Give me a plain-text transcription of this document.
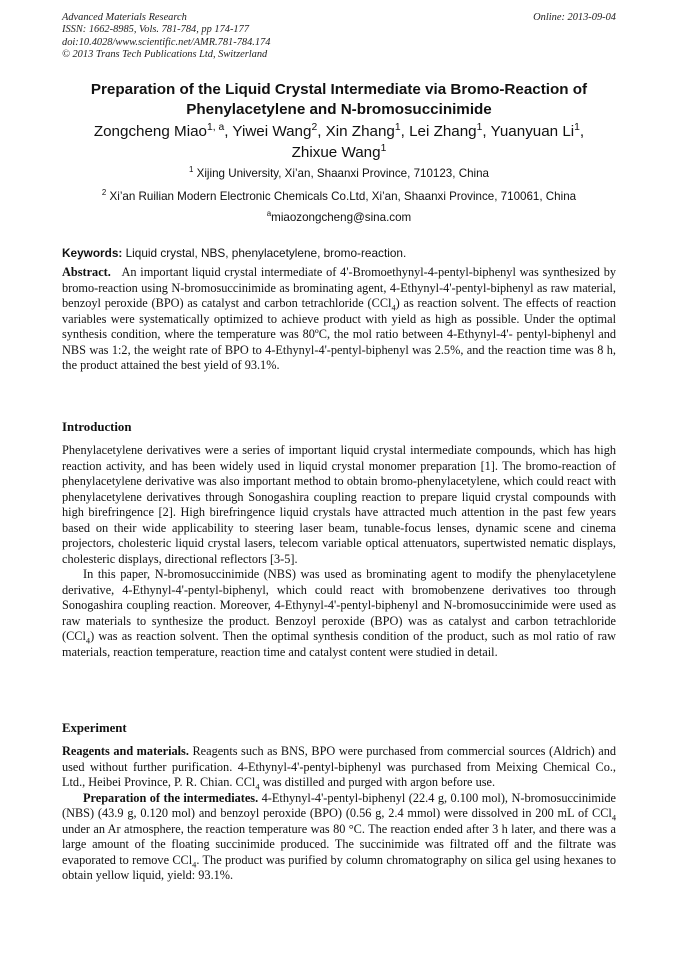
Advanced Materials Research
ISSN: 1662-8985, Vols. 781-784, pp 174-177
doi:10.4028/www.scientific.net/AMR.781-784.174
© 2013 Trans Tech Publications Ltd, Switzerland
Online: 2013-09-04
Preparation of the Liquid Crystal Intermediate via Bromo-Reaction of
Phenylacetylene and N-bromosuccinimide
Zongcheng Miao$^{1, a}$, Yiwei Wang$^2$, Xin Zhang$^1$, Lei Zhang$^1$, Yuanyuan Li$^1$,
Zhixue Wang$^1$
$^1$ Xijing University, Xi’an, Shaanxi Province, 710123, China
$^2$ Xi’an Ruilian Modern Electronic Chemicals Co.Ltd, Xi’an, Shaanxi Province, 710061, China
$^a$miaozongcheng@sina.com
Keywords: Liquid crystal, NBS, phenylacetylene, bromo-reaction.

Abstract. An important liquid crystal intermediate of 4'-Bromoethynyl-4-pentyl-biphenyl was synthesized by bromo-reaction using N-bromosuccinimide as brominating agent, 4-Ethynyl-4'-pentyl-biphenyl as raw material, benzoyl peroxide (BPO) as catalyst and carbon tetrachloride (CCl$_4$) as reaction solvent. The effects of reaction variables were systematically optimized to achieve product with yield as high as possible. Under the optimal synthesis condition, where the temperature was 80ºC, the mol ratio between 4-Ethynyl-4'- pentyl-biphenyl and NBS was 1:2, the weight rate of BPO to 4-Ethynyl-4'-pentyl-biphenyl was 2.5%, and the reaction time was 8 h, the product attained the best yield of 93.1%.

Introduction

Phenylacetylene derivatives were a series of important liquid crystal intermediate compounds, which has high reaction activity, and has been widely used in liquid crystal monomer preparation [1]. The bromo-reaction of phenylacetylene derivative was also important method to obtain bromo-phenylacetylene, which could react with phenylacetylene derivatives through Sonogashira coupling reaction to prepare liquid crystal compounds with high birefringence [2]. High birefringence liquid crystals have attracted much attention in the past few years based on their wide applicability to steering laser beam, tunable-focus lenses, dynamic scene and cinema projectors, cholesteric liquid crystal lasers, telecom variable optical attenuators, supertwisted nematic displays, cholesteric displays, directional reflectors [3-5].

In this paper, N-bromosuccinimide (NBS) was used as brominating agent to modify the phenylacetylene derivative, 4-Ethynyl-4'-pentyl-biphenyl, which could react with bromobenzene derivatives too through Sonogashira coupling reaction. Moreover, 4-Ethynyl-4'-pentyl-biphenyl and N-bromosuccinimide were used as raw materials to synthesize the product. Benzoyl peroxide (BPO) was as catalyst and carbon tetrachloride (CCl$_4$) was as reaction solvent. Then the optimal synthesis condition of the product, such as mol ratio of raw materials, reaction temperature, reaction time and catalyst content were studied in detail.

Experiment

Reagents and materials. Reagents such as BNS, BPO were purchased from commercial sources (Aldrich) and used without further purification. 4-Ethynyl-4'-pentyl-biphenyl was purchased from Meixing Chemical Co., Ltd., Heibei Province, P. R. Chian. CCl$_4$ was distilled and purged with argon before use.

Preparation of the intermediates. 4-Ethynyl-4'-pentyl-biphenyl (22.4 g, 0.100 mol), N-bromosuccinimide (NBS) (43.9 g, 0.120 mol) and benzoyl peroxide (BPO) (0.56 g, 2.4 mmol) were dissolved in 200 mL of CCl$_4$ under an Ar atmosphere, the reaction temperature was 80 °C. The reaction ended after 3 h later, and there was a large amount of the floating succinimide produced. The succinimide was filtrated off and the filtrate was evaporated to remove CCl$_4$. The product was purified by column chromatography on silica gel using hexanes to obtain yellow liquid, yield: 93.1%.
